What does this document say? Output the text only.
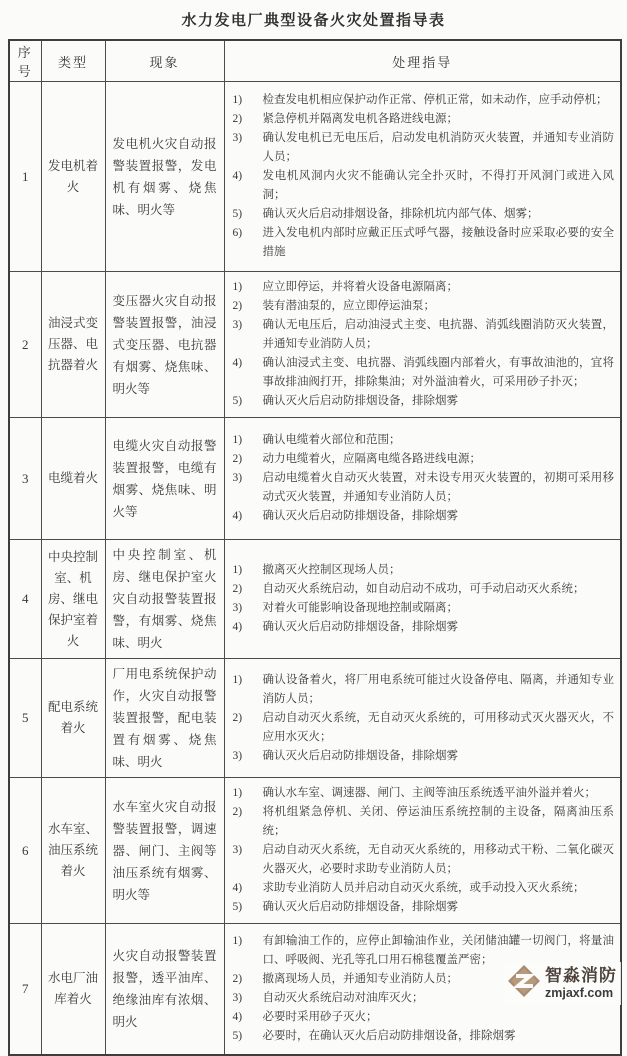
水力发电厂典型设备火灾处置指导表
序号	类型	现象	处理指导
1	发电机着火	发电机火灾自动报警装置报警，发电机有烟雾、烧焦味、明火等	
1)	检查发电机相应保护动作正常、停机正常，如未动作，应手动停机；
2)	紧急停机并隔离发电机各路进线电源；
3)	确认发电机已无电压后，启动发电机消防灭火装置，并通知专业消防人员；
4)	发电机风洞内火灾不能确认完全扑灭时，不得打开风洞门或进入风洞；
5)	确认灭火后启动排烟设备，排除机坑内部气体、烟雾；
6)	进入发电机内部时应戴正压式呼气器，接触设备时应采取必要的安全措施

2	油浸式变压器、电抗器着火	变压器火灾自动报警装置报警，油浸式变压器、电抗器有烟雾、烧焦味、明火等	
1)	应立即停运，并将着火设备电源隔离；
2)	装有潜油泵的，应立即停运油泵；
3)	确认无电压后，启动油浸式主变、电抗器、消弧线圈消防灭火装置，并通知专业消防人员；
4)	确认油浸式主变、电抗器、消弧线圈内部着火，有事故油池的，宜将事故排油阀打开，排除集油；对外溢油着火，可采用砂子扑灭；
5)	确认灭火后启动防排烟设备，排除烟雾

3	电缆着火	电缆火灾自动报警装置报警，电缆有烟雾、烧焦味、明火等	
1)	确认电缆着火部位和范围；
2)	动力电缆着火，应隔离电缆各路进线电源；
3)	启动电缆着火自动灭火装置，对未设专用灭火装置的，初期可采用移动式灭火装置，并通知专业消防人员；
4)	确认灭火后启动防排烟设备，排除烟雾

4	中央控制室、机房、继电保护室着火	中央控制室、机房、继电保护室火灾自动报警装置报警，有烟雾、烧焦味、明火	
1)	撤离灭火控制区现场人员；
2)	自动灭火系统启动，如自动启动不成功，可手动启动灭火系统；
3)	对着火可能影响设备现地控制或隔离；
4)	确认灭火后启动防排烟设备，排除烟雾

5	配电系统着火	厂用电系统保护动作，火灾自动报警装置报警，配电装置有烟雾、烧焦味、明火	
1)	确认设备着火，将厂用电系统可能过火设备停电、隔离，并通知专业消防人员；
2)	启动自动灭火系统，无自动灭火系统的，可用移动式灭火器灭火，不应用水灭火；
3)	确认灭火后启动防排烟设备，排除烟雾

6	水车室、油压系统着火	水车室火灾自动报警装置报警，调速器、闸门、主阀等油压系统有烟雾、明火等	
1)	确认水车室、调速器、闸门、主阀等油压系统透平油外溢并着火；
2)	将机组紧急停机、关闭、停运油压系统控制的主设备，隔离油压系统；
3)	启动自动灭火系统，无自动灭火系统的，用移动式干粉、二氧化碳灭火器灭火，必要时求助专业消防人员；
4)	求助专业消防人员并启动自动灭火系统，或手动投入灭火系统；
5)	确认灭火后启动防排烟设备，排除烟雾

7	水电厂油库着火	火灾自动报警装置报警，透平油库、绝缘油库有浓烟、明火	
1)	有卸输油工作的，应停止卸输油作业，关闭储油罐一切阀门，将量油口、呼吸阀、光孔等孔口用石棉毯覆盖严密；
2)	撤离现场人员，并通知专业消防人员；
3)	自动灭火系统启动对油库灭火；
4)	必要时采用砂子灭火；
5)	必要时，在确认灭火后启动防排烟设备，排除烟雾
智淼消防
zmjaxf.com
